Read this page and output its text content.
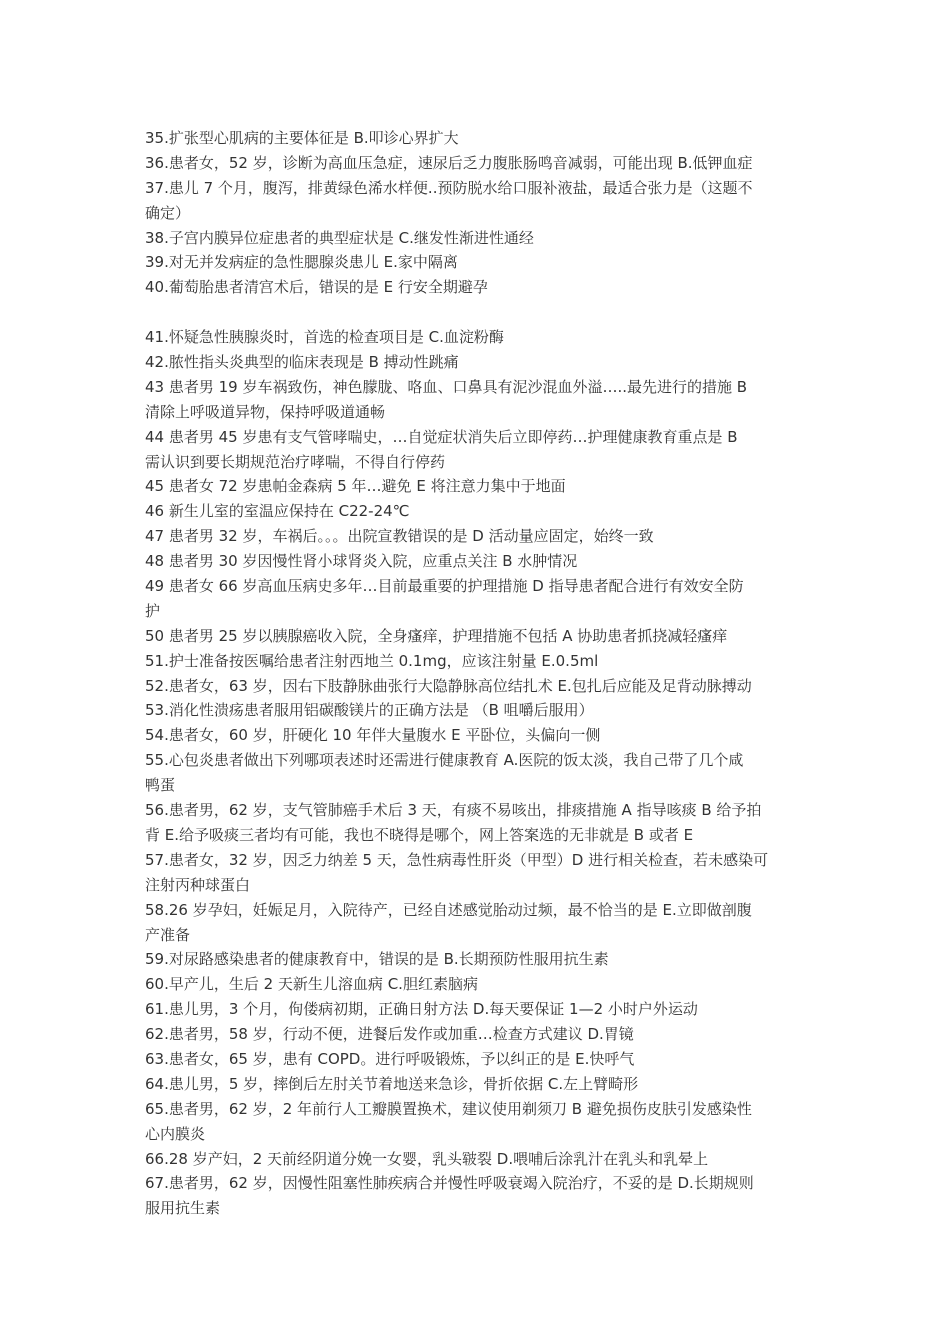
35.扩张型心肌病的主要体征是 B.叩诊心界扩大
36.患者女，52 岁，诊断为高血压急症，速尿后乏力腹胀肠鸣音减弱，可能出现 B.低钾血症
37.患儿 7 个月，腹泻，排黄绿色浠水样便..预防脱水给口服补液盐，最适合张力是（这题不
确定）
38.子宫内膜异位症患者的典型症状是 C.继发性渐进性通经
39.对无并发病症的急性腮腺炎患儿 E.家中隔离
40.葡萄胎患者清宫术后，错误的是 E 行安全期避孕
41.怀疑急性胰腺炎时，首选的检查项目是 C.血淀粉酶
42.脓性指头炎典型的临床表现是 B 搏动性跳痛
43 患者男 19 岁车祸致伤，神色朦胧、咯血、口鼻具有泥沙混血外溢…..最先进行的措施 B
清除上呼吸道异物，保持呼吸道通畅
44 患者男 45 岁患有支气管哮喘史，…自觉症状消失后立即停药…护理健康教育重点是 B
需认识到要长期规范治疗哮喘，不得自行停药
45 患者女 72 岁患帕金森病 5 年…避免 E 将注意力集中于地面
46 新生儿室的室温应保持在 C22-24℃
47 患者男 32 岁，车祸后。。。出院宣教错误的是 D 活动量应固定，始终一致
48 患者男 30 岁因慢性肾小球肾炎入院，应重点关注 B 水肿情况
49 患者女 66 岁高血压病史多年…目前最重要的护理措施 D 指导患者配合进行有效安全防
护
50 患者男 25 岁以胰腺癌收入院，全身瘙痒，护理措施不包括 A 协助患者抓挠减轻瘙痒
51.护士准备按医嘱给患者注射西地兰 0.1mg，应该注射量 E.0.5ml
52.患者女，63 岁，因右下肢静脉曲张行大隐静脉高位结扎术 E.包扎后应能及足背动脉搏动
53.消化性溃疡患者服用铝碳酸镁片的正确方法是 （B 咀嚼后服用）
54.患者女，60 岁，肝硬化 10 年伴大量腹水 E 平卧位，头偏向一侧
55.心包炎患者做出下列哪项表述时还需进行健康教育 A.医院的饭太淡，我自己带了几个咸
鸭蛋
56.患者男，62 岁，支气管肺癌手术后 3 天，有痰不易咳出，排痰措施 A 指导咳痰 B 给予拍
背 E.给予吸痰三者均有可能，我也不晓得是哪个，网上答案选的无非就是 B 或者 E
57.患者女，32 岁，因乏力纳差 5 天，急性病毒性肝炎（甲型）D 进行相关检查，若未感染可
注射丙种球蛋白
58.26 岁孕妇，妊娠足月，入院待产，已经自述感觉胎动过频，最不恰当的是 E.立即做剖腹
产准备
59.对尿路感染患者的健康教育中，错误的是 B.长期预防性服用抗生素
60.早产儿，生后 2 天新生儿溶血病 C.胆红素脑病
61.患儿男，3 个月，佝偻病初期，正确日射方法 D.每天要保证 1—2 小时户外运动
62.患者男，58 岁，行动不便，进餐后发作或加重…检查方式建议 D.胃镜
63.患者女，65 岁，患有 COPD。进行呼吸锻炼，予以纠正的是 E.快呼气
64.患儿男，5 岁，摔倒后左肘关节着地送来急诊，骨折依据 C.左上臂畸形
65.患者男，62 岁，2 年前行人工瓣膜置换术，建议使用剃须刀 B 避免损伤皮肤引发感染性
心内膜炎
66.28 岁产妇，2 天前经阴道分娩一女婴，乳头皲裂 D.喂哺后涂乳汁在乳头和乳晕上
67.患者男，62 岁，因慢性阻塞性肺疾病合并慢性呼吸衰竭入院治疗，不妥的是 D.长期规则
服用抗生素
